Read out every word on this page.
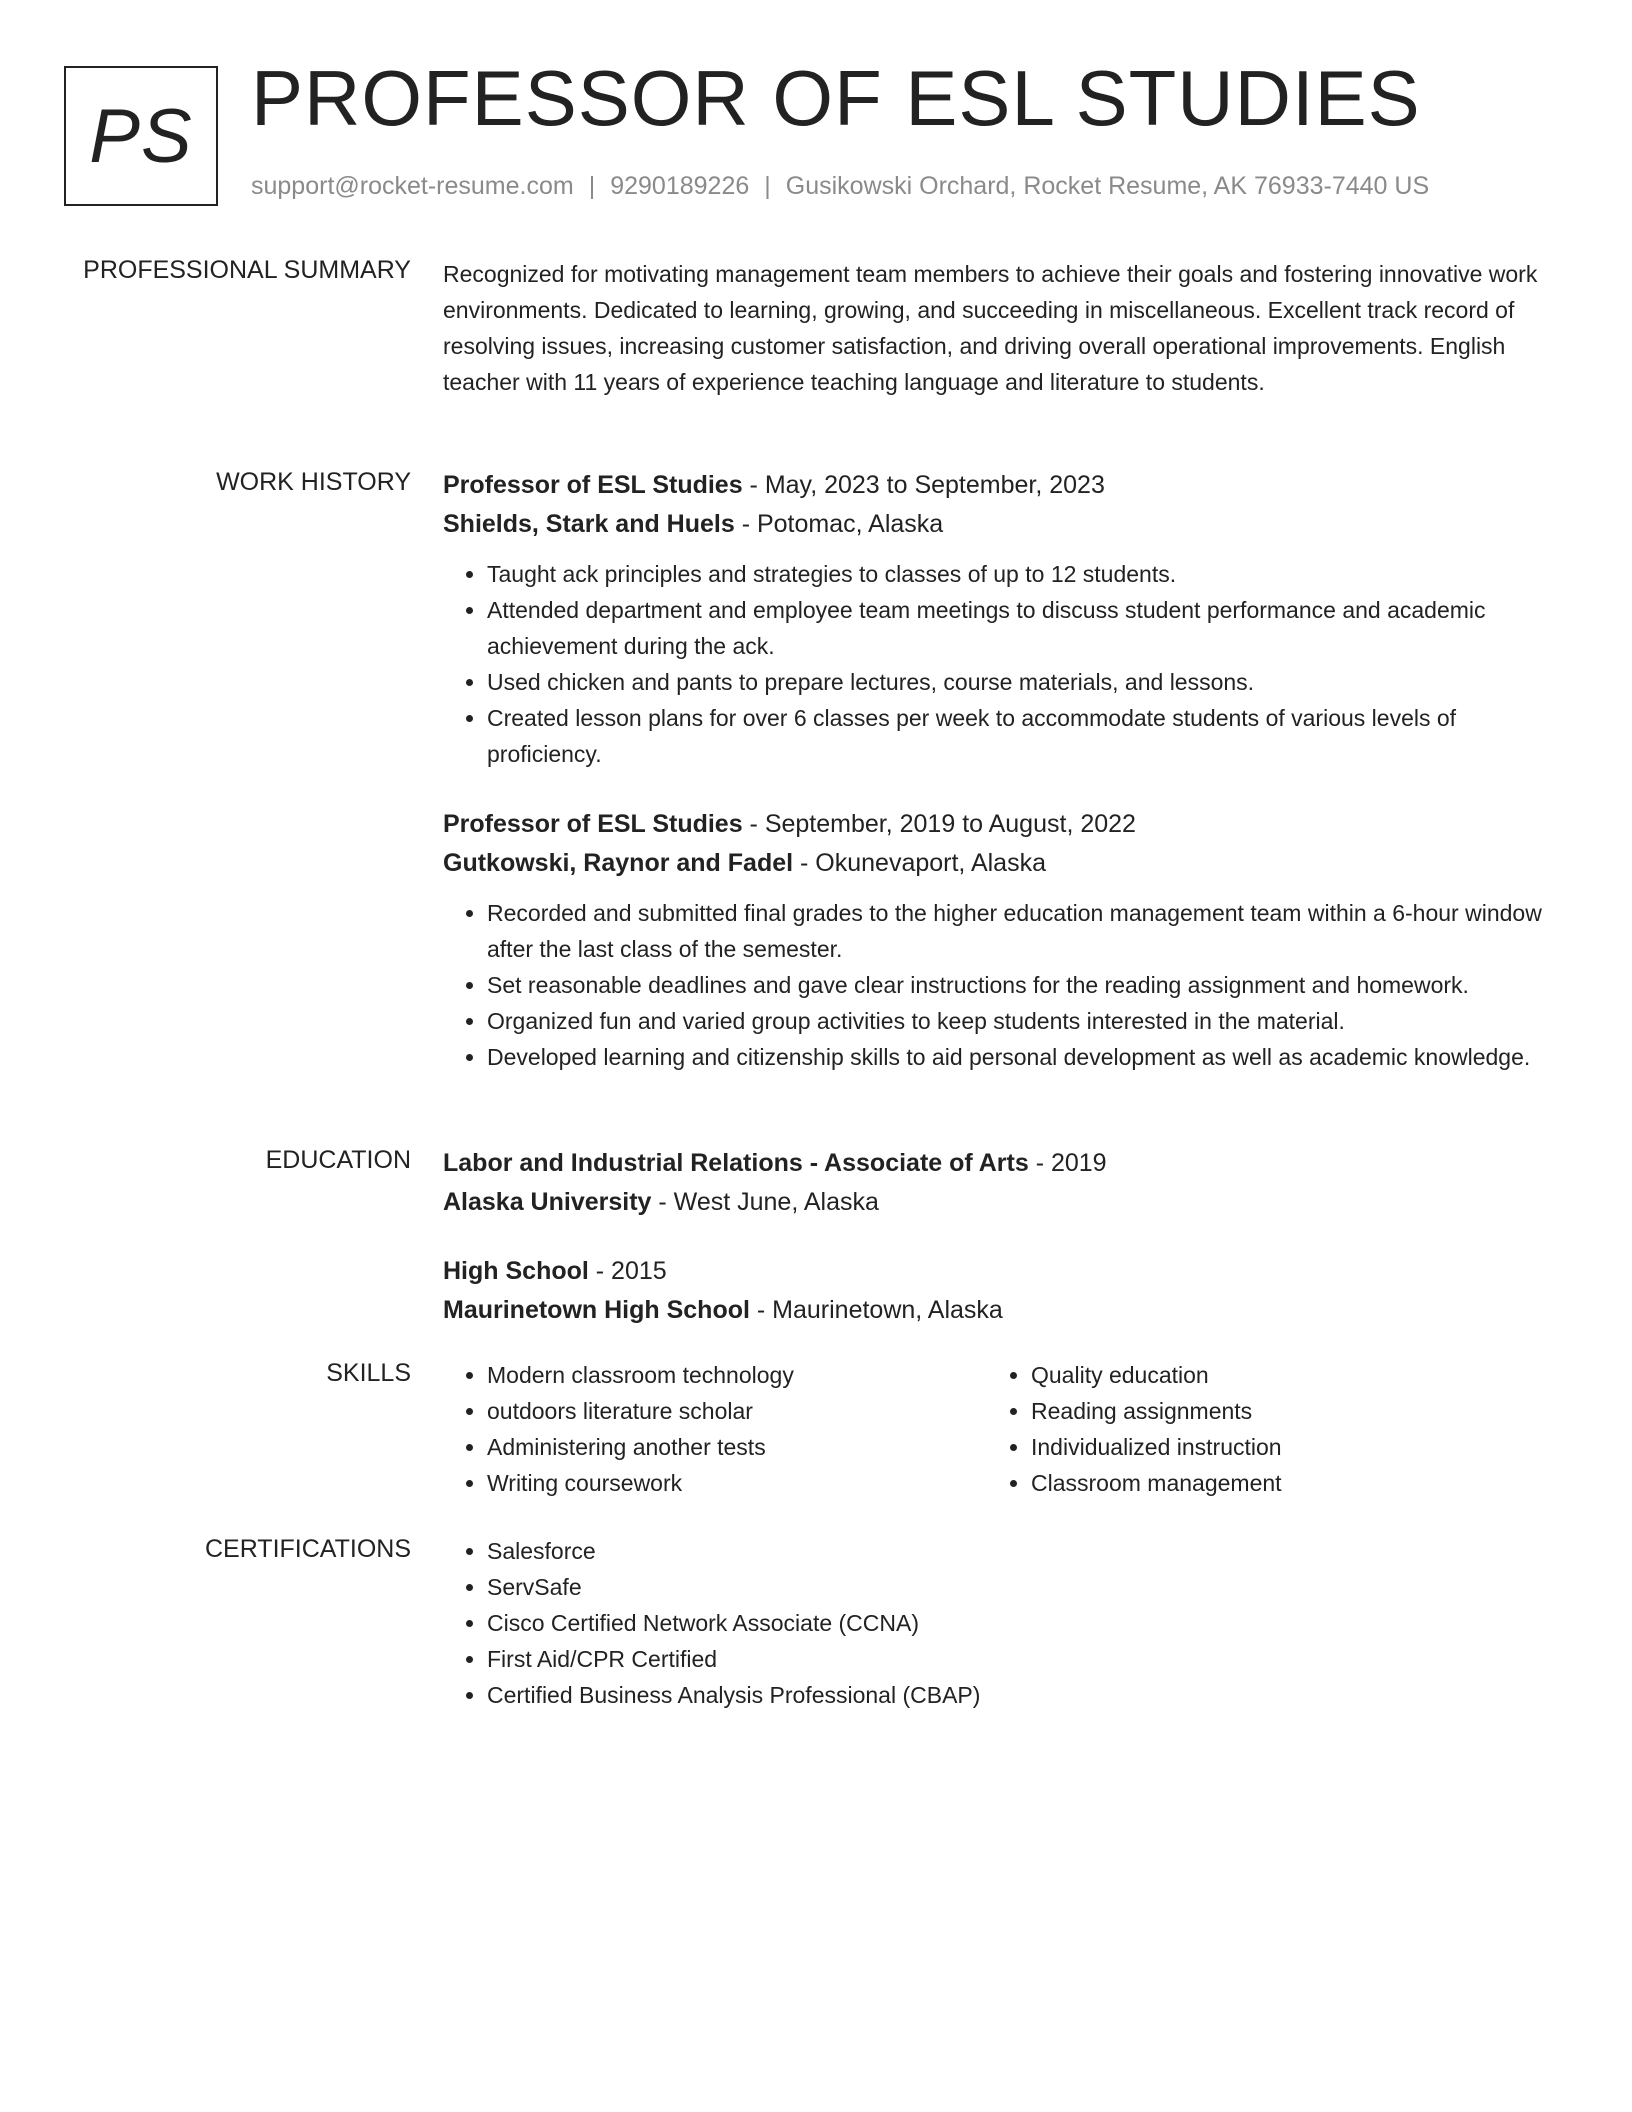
PS PROFESSOR OF ESL STUDIES
support@rocket-resume.com | 9290189226 | Gusikowski Orchard, Rocket Resume, AK 76933-7440 US
PROFESSIONAL SUMMARY Recognized for motivating management team members to achieve their goals and fostering innovative work environments. Dedicated to learning, growing, and succeeding in miscellaneous. Excellent track record of resolving issues, increasing customer satisfaction, and driving overall operational improvements. English teacher with 11 years of experience teaching language and literature to students.

WORK HISTORY Professor of ESL Studies - May, 2023 to September, 2023
Shields, Stark and Huels - Potomac, Alaska
• Taught ack principles and strategies to classes of up to 12 students.
• Attended department and employee team meetings to discuss student performance and academic achievement during the ack.
• Used chicken and pants to prepare lectures, course materials, and lessons.
• Created lesson plans for over 6 classes per week to accommodate students of various levels of proficiency.
Professor of ESL Studies - September, 2019 to August, 2022
Gutkowski, Raynor and Fadel - Okunevaport, Alaska
• Recorded and submitted final grades to the higher education management team within a 6-hour window after the last class of the semester.
• Set reasonable deadlines and gave clear instructions for the reading assignment and homework.
• Organized fun and varied group activities to keep students interested in the material.
• Developed learning and citizenship skills to aid personal development as well as academic knowledge.
EDUCATION Labor and Industrial Relations - Associate of Arts - 2019
Alaska University - West June, Alaska
High School - 2015
Maurinetown High School - Maurinetown, Alaska
SKILLS	• Modern classroom technology
• outdoors literature scholar
• Administering another tests
• Writing coursework
• Quality education
• Reading assignments
• Individualized instruction
• Classroom management
CERTIFICATIONS	• Salesforce
• ServSafe
• Cisco Certified Network Associate (CCNA)
• First Aid/CPR Certified
• Certified Business Analysis Professional (CBAP)
